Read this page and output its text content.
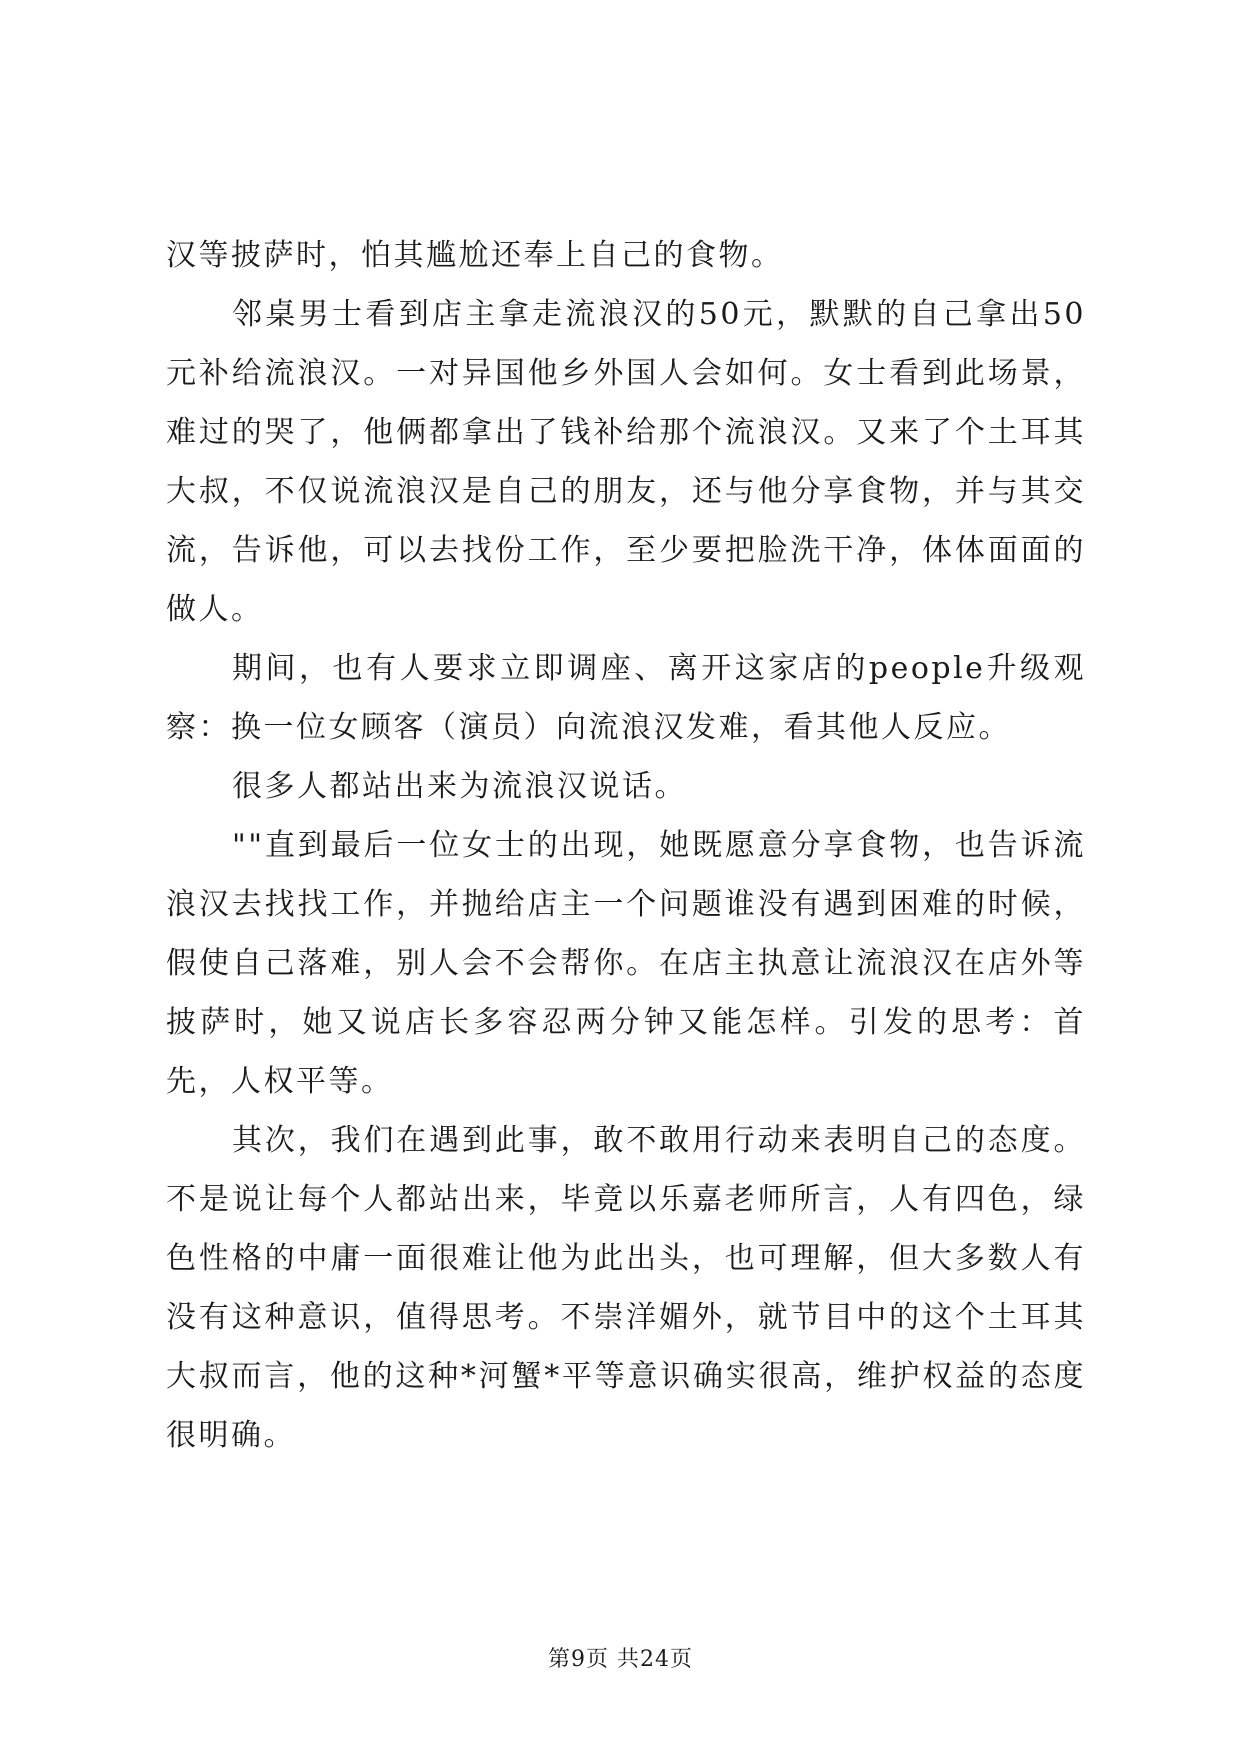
汉等披萨时，怕其尴尬还奉上自己的食物。

邻桌男士看到店主拿走流浪汉的50元，默默的自己拿出50元补给流浪汉。一对异国他乡外国人会如何。女士看到此场景，难过的哭了，他俩都拿出了钱补给那个流浪汉。又来了个土耳其大叔，不仅说流浪汉是自己的朋友，还与他分享食物，并与其交流，告诉他，可以去找份工作，至少要把脸洗干净，体体面面的做人。

期间，也有人要求立即调座、离开这家店的people升级观察：换一位女顾客（演员）向流浪汉发难，看其他人反应。

很多人都站出来为流浪汉说话。

""直到最后一位女士的出现，她既愿意分享食物，也告诉流浪汉去找找工作，并抛给店主一个问题谁没有遇到困难的时候，假使自己落难，别人会不会帮你。在店主执意让流浪汉在店外等披萨时，她又说店长多容忍两分钟又能怎样。引发的思考：首先，人权平等。

其次，我们在遇到此事，敢不敢用行动来表明自己的态度。不是说让每个人都站出来，毕竟以乐嘉老师所言，人有四色，绿色性格的中庸一面很难让他为此出头，也可理解，但大多数人有没有这种意识，值得思考。不崇洋媚外，就节目中的这个土耳其大叔而言，他的这种*河蟹*平等意识确实很高，维护权益的态度很明确。

第9页 共24页
